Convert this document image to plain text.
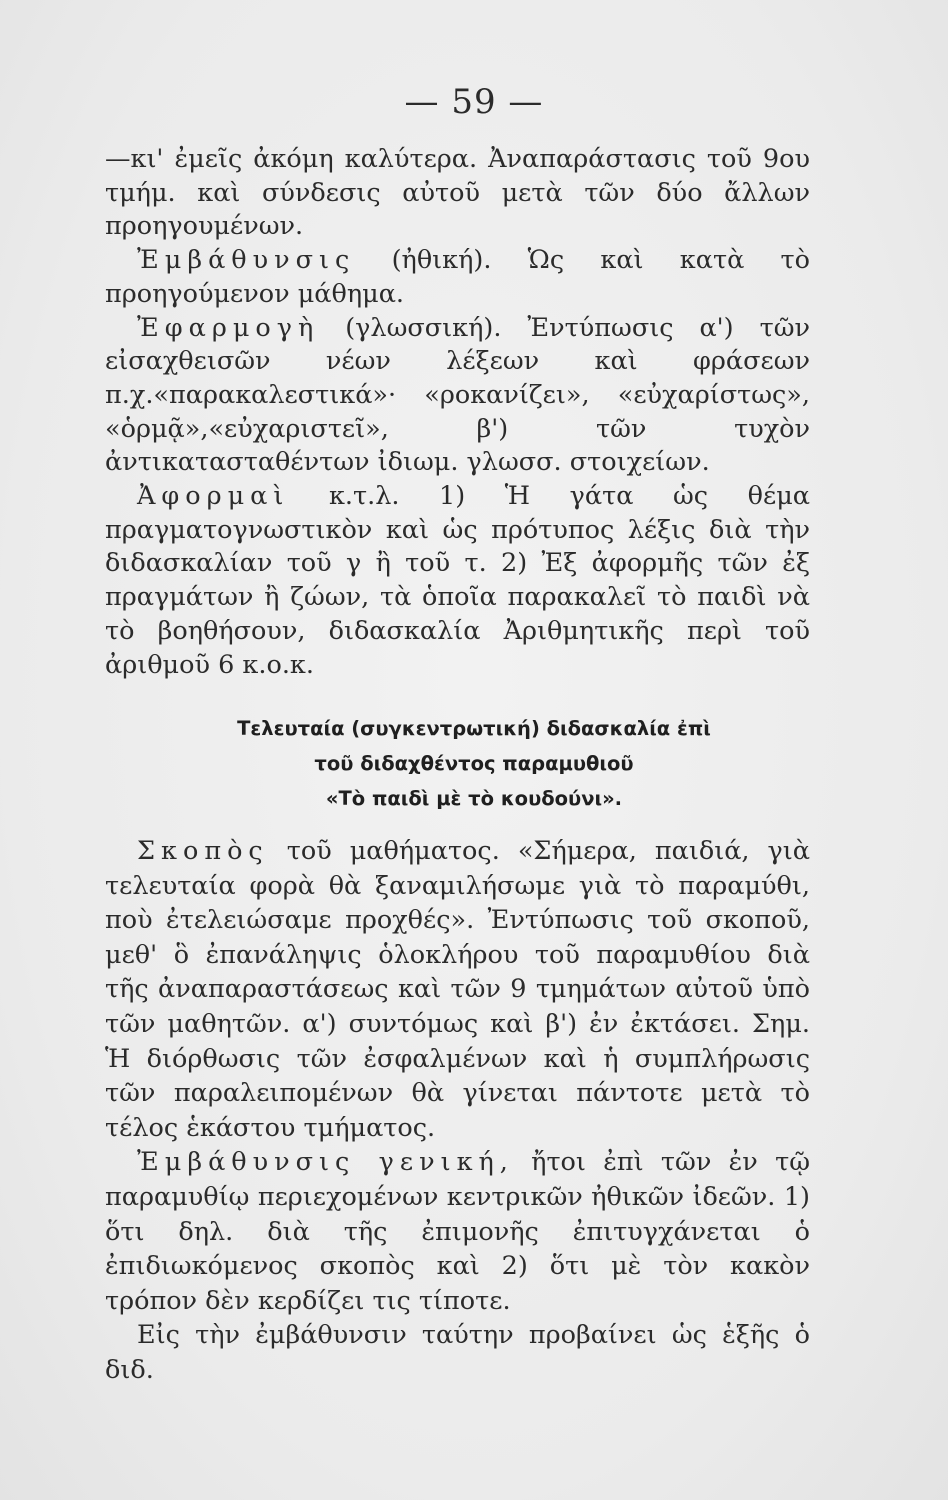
— 59 —

—κι' ἐμεῖς ἀκόμη καλύτερα. Ἀναπαράστασις τοῦ 9ου τμήμ. καὶ σύνδεσις αὐτοῦ μετὰ τῶν δύο ἄλλων προηγουμένων.

Ἐμβάθυνσις (ἠθική). Ὡς καὶ κατὰ τὸ προηγούμενον μάθημα.

Ἐφαρμογὴ (γλωσσική). Ἐντύπωσις α') τῶν εἰσαχθεισῶν νέων λέξεων καὶ φράσεων π.χ.«παρακαλεστικά»· «ροκανίζει», «εὐχαρίστως», «ὁρμᾷ»,«εὐχαριστεῖ», β') τῶν τυχὸν ἀντικατασταθέντων ἰδιωμ. γλωσσ. στοιχείων.

Ἀφορμαὶ κ.τ.λ. 1) Ἡ γάτα ὡς θέμα πραγματογνωστικὸν καὶ ὡς πρότυπος λέξις διὰ τὴν διδασκαλίαν τοῦ γ ἢ τοῦ τ. 2) Ἐξ ἀφορμῆς τῶν ἐξ πραγμάτων ἢ ζώων, τὰ ὁποῖα παρακαλεῖ τὸ παιδὶ νὰ τὸ βοηθήσουν, διδασκαλία Ἀριθμητικῆς περὶ τοῦ ἀριθμοῦ 6 κ.ο.κ.

Τελευταία (συγκεντρωτική) διδασκαλία ἐπὶ
τοῦ διδαχθέντος παραμυθιοῦ
«Τὸ παιδὶ μὲ τὸ κουδούνι».

Σκοπὸς τοῦ μαθήματος. «Σήμερα, παιδιά, γιὰ τελευταία φορὰ θὰ ξαναμιλήσωμε γιὰ τὸ παραμύθι, ποὺ ἐτελειώσαμε προχθές». Ἐντύπωσις τοῦ σκοποῦ, μεθ' ὃ ἐπανάληψις ὁλοκλήρου τοῦ παραμυθίου διὰ τῆς ἀναπαραστάσεως καὶ τῶν 9 τμημάτων αὐτοῦ ὑπὸ τῶν μαθητῶν. α') συντόμως καὶ β') ἐν ἐκτάσει. Σημ. Ἡ διόρθωσις τῶν ἐσφαλμένων καὶ ἡ συμπλήρωσις τῶν παραλειπομένων θὰ γίνεται πάντοτε μετὰ τὸ τέλος ἑκάστου τμήματος.

Ἐμβάθυνσις γενική, ἤτοι ἐπὶ τῶν ἐν τῷ παραμυθίῳ περιεχομένων κεντρικῶν ἠθικῶν ἰδεῶν. 1) ὅτι δηλ. διὰ τῆς ἐπιμονῆς ἐπιτυγχάνεται ὁ ἐπιδιωκόμενος σκοπὸς καὶ 2) ὅτι μὲ τὸν κακὸν τρόπον δὲν κερδίζει τις τίποτε.

Εἰς τὴν ἐμβάθυνσιν ταύτην προβαίνει ὡς ἑξῆς ὁ διδ.
